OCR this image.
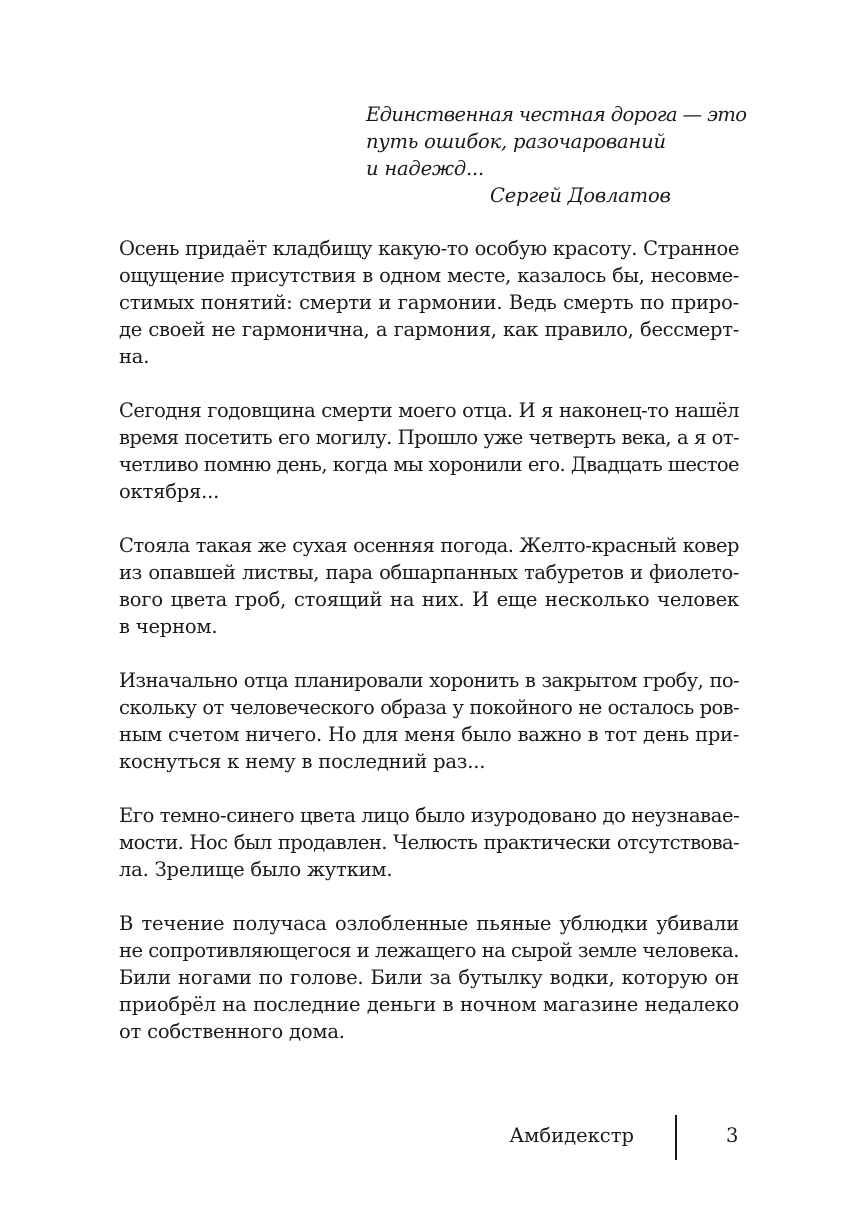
Единственная честная дорога — это
путь ошибок, разочарований
и надежд...
Сергей Довлатов
Осень придаёт кладбищу какую-то особую красоту. Странное
ощущение присутствия в одном месте, казалось бы, несовме-
стимых понятий: смерти и гармонии. Ведь смерть по приро-
де своей не гармонична, а гармония, как правило, бессмерт-
на.
Сегодня годовщина смерти моего отца. И я наконец-то нашёл
время посетить его могилу. Прошло уже четверть века, а я от-
четливо помню день, когда мы хоронили его. Двадцать шестое
октября...
Стояла такая же сухая осенняя погода. Желто-красный ковер
из опавшей листвы, пара обшарпанных табуретов и фиолето-
вого цвета гроб, стоящий на них. И еще несколько человек
в черном.
Изначально отца планировали хоронить в закрытом гробу, по-
скольку от человеческого образа у покойного не осталось ров-
ным счетом ничего. Но для меня было важно в тот день при-
коснуться к нему в последний раз...
Его темно-синего цвета лицо было изуродовано до неузнавае-
мости. Нос был продавлен. Челюсть практически отсутствова-
ла. Зрелище было жутким.
В течение получаса озлобленные пьяные ублюдки убивали
не сопротивляющегося и лежащего на сырой земле человека.
Били ногами по голове. Били за бутылку водки, которую он
приобрёл на последние деньги в ночном магазине недалеко
от собственного дома.
Амбидекстр	3
